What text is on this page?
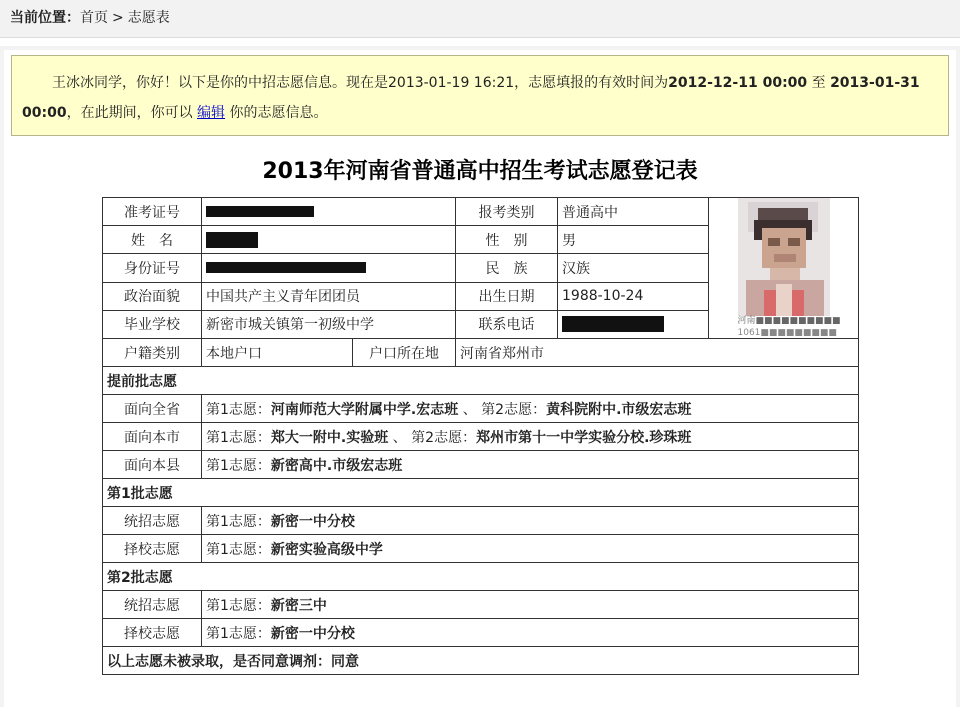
当前位置：首页 > 志愿表
王冰冰同学，你好！以下是你的中招志愿信息。现在是2013-01-19 16:21，志愿填报的有效时间为2012-12-11 00:00 至 2013-01-31 00:00，在此期间，你可以 编辑 你的志愿信息。
2013年河南省普通高中招生考试志愿登记表
准考证号			报考类别	普通高中	河南■■■■■■■■■■
1061■■■■■■■■■

姓　名			性　别	男	
身份证号			民　族	汉族	
政治面貌	中国共产主义青年团团员		出生日期	1988-10-24	
毕业学校	新密市城关镇第一初级中学		联系电话		
户籍类别	本地户口	户口所在地	河南省郑州市		
提前批志愿					
面向全省	第1志愿：河南师范大学附属中学.宏志班 、 第2志愿：黄科院附中.市级宏志班				
面向本市	第1志愿：郑大一附中.实验班 、 第2志愿：郑州市第十一中学实验分校.珍珠班				
面向本县	第1志愿：新密高中.市级宏志班				
第1批志愿					
统招志愿	第1志愿：新密一中分校				
择校志愿	第1志愿：新密实验高级中学				
第2批志愿					
统招志愿	第1志愿：新密三中				
择校志愿	第1志愿：新密一中分校				
以上志愿未被录取，是否同意调剂：同意					
